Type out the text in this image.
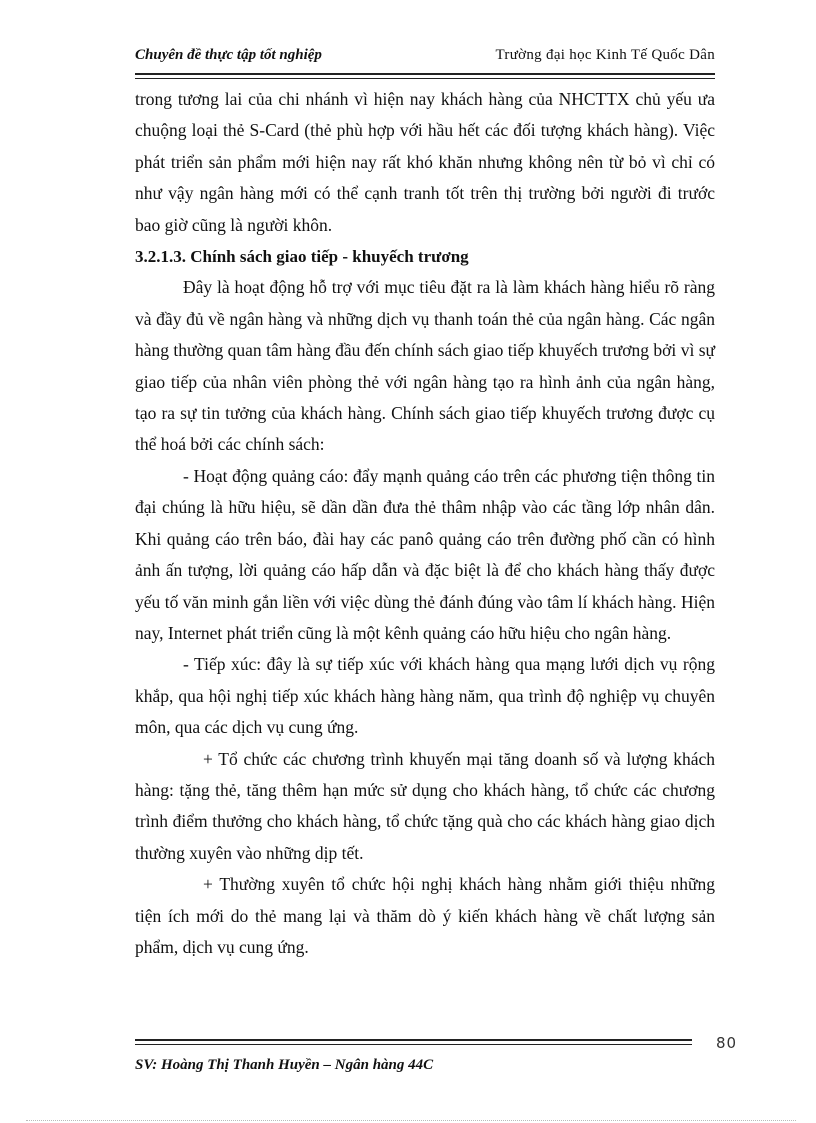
Chuyên đề thực tập tốt nghiệp	Trường đại học Kinh Tế Quốc Dân

trong tương lai của chi nhánh vì hiện nay khách hàng của NHCTTX chủ yếu ưa chuộng loại thẻ S-Card (thẻ phù hợp với hầu hết các đối tượng khách hàng). Việc phát triển sản phẩm mới hiện nay rất khó khăn nhưng không nên từ bỏ vì chỉ có như vậy ngân hàng mới có thể cạnh tranh tốt trên thị trường bởi người đi trước bao giờ cũng là người khôn.

3.2.1.3. Chính sách giao tiếp - khuyếch trương

Đây là hoạt động hỗ trợ với mục tiêu đặt ra là làm khách hàng hiểu rõ ràng và đầy đủ về ngân hàng và những dịch vụ thanh toán thẻ của ngân hàng. Các ngân hàng thường quan tâm hàng đầu đến chính sách giao tiếp khuyếch trương bởi vì sự giao tiếp của nhân viên phòng thẻ với ngân hàng tạo ra hình ảnh của ngân hàng, tạo ra sự tin tưởng của khách hàng. Chính sách giao tiếp khuyếch trương được cụ thể hoá bởi các chính sách:

- Hoạt động quảng cáo: đẩy mạnh quảng cáo trên các phương tiện thông tin đại chúng là hữu hiệu, sẽ dần dần đưa thẻ thâm nhập vào các tầng lớp nhân dân. Khi quảng cáo trên báo, đài hay các panô quảng cáo trên đường phố cần có hình ảnh ấn tượng, lời quảng cáo hấp dẫn và đặc biệt là để cho khách hàng thấy được yếu tố văn minh gắn liền với việc dùng thẻ đánh đúng vào tâm lí khách hàng. Hiện nay, Internet phát triển cũng là một kênh quảng cáo hữu hiệu cho ngân hàng.

- Tiếp xúc: đây là sự tiếp xúc với khách hàng qua mạng lưới dịch vụ rộng khắp, qua hội nghị tiếp xúc khách hàng hàng năm, qua trình độ nghiệp vụ chuyên môn, qua các dịch vụ cung ứng.

+ Tổ chức các chương trình khuyến mại tăng doanh số và lượng khách hàng: tặng thẻ, tăng thêm hạn mức sử dụng cho khách hàng, tổ chức các chương trình điểm thưởng cho khách hàng, tổ chức tặng quà cho các khách hàng giao dịch thường xuyên vào những dịp tết.

+ Thường xuyên tổ chức hội nghị khách hàng nhằm giới thiệu những tiện ích mới do thẻ mang lại và thăm dò ý kiến khách hàng về chất lượng sản phẩm, dịch vụ cung ứng.

80
SV: Hoàng Thị Thanh Huyền – Ngân hàng 44C
